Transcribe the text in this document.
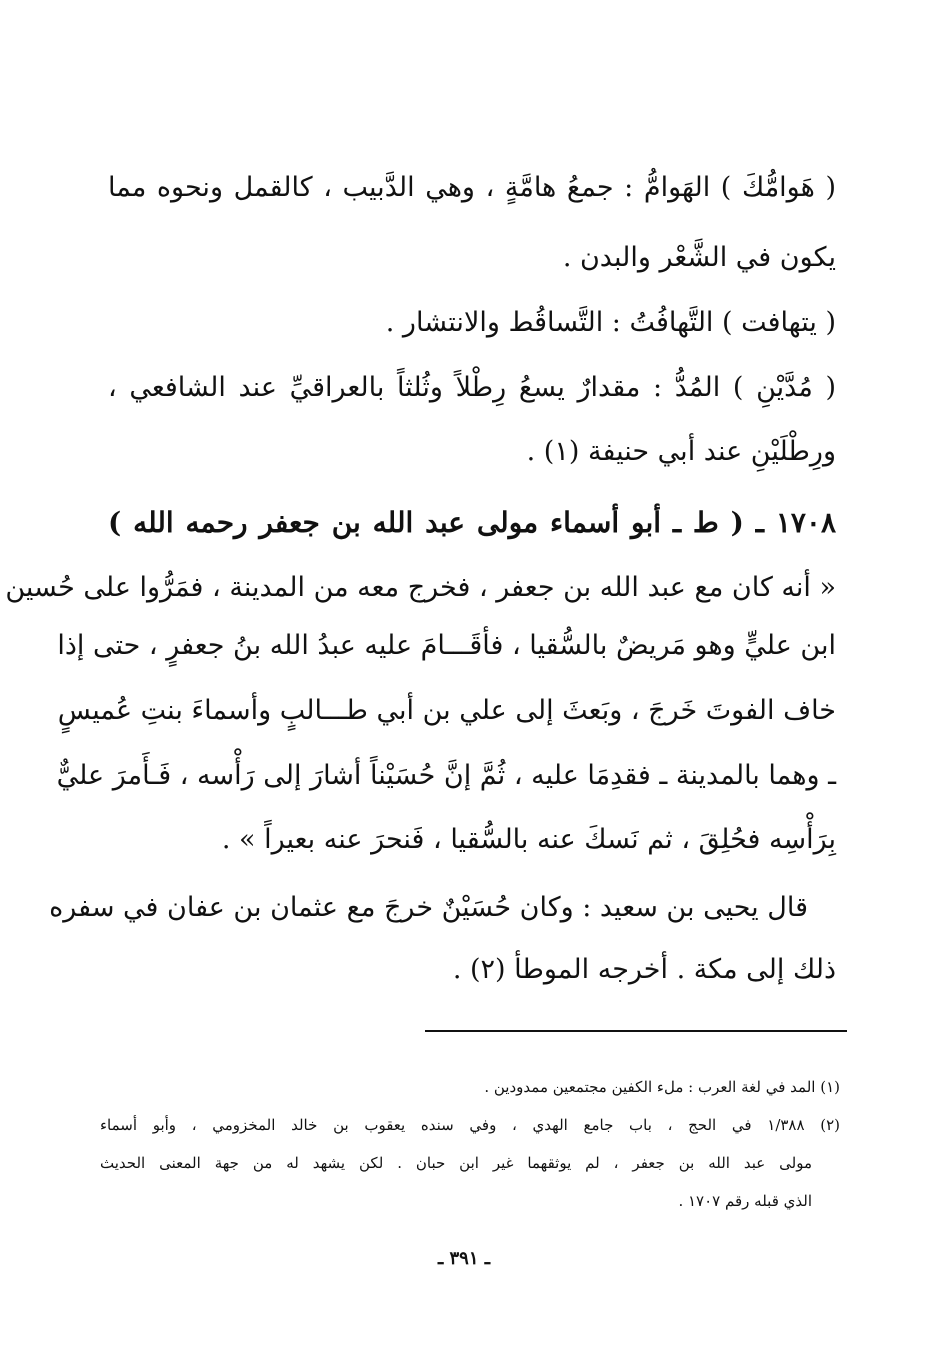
( هَوامُّكَ ) الهَوامُّ : جمعُ هامَّةٍ ، وهي الدَّبيب ، كالقمل ونحوه مما
يكون في الشَّعْر والبدن .
( يتهافت ) التَّهافُتُ : التَّساقُط والانتشار .
( مُدَّيْنِ ) المُدُّ : مقدارٌ يسعُ رِطْلاً وثُلثاً بالعراقيِّ عند الشافعي ،
ورِطْلَيْنِ عند أبي حنيفة (١) .
١٧٠٨ ـ ( ط ـ أبو أسماء مولى عبد الله بن جعفر رحمه الله )
« أنه كان مع عبد الله بن جعفر ، فخرج معه من المدينة ، فمَرُّوا على حُسين
ابن عليٍّ وهو مَريضٌ بالسُّقيا ، فأقَـــامَ عليه عبدُ الله بنُ جعفرٍ ، حتى إذا
خاف الفوتَ خَرجَ ، وبَعثَ إلى علي بن أبي طـــالبٍ وأسماءَ بنتِ عُميسٍ
ـ وهما بالمدينة ـ فقدِمَا عليه ، ثُمَّ إنَّ حُسَيْناً أشارَ إلى رَأْسه ، فَـأَمرَ عليٌّ
بِرَأْسِه فحُلِقَ ، ثم نَسكَ عنه بالسُّقيا ، فَنحرَ عنه بعيراً » .
قال يحيى بن سعيد : وكان حُسَيْنٌ خرجَ مع عثمان بن عفان في سفره
ذلك إلى مكة . أخرجه الموطأ (٢) .
(١) المد في لغة العرب : ملء الكفين مجتمعين ممدودين .
(٢) ١/٣٨٨ في الحج ، باب جامع الهدي ، وفي سنده يعقوب بن خالد المخزومي ، وأبو أسماء
مولى عبد الله بن جعفر ، لم يوثقهما غير ابن حبان . لكن يشهد له من جهة المعنى الحديث
الذي قبله رقم ١٧٠٧ .
ـ ٣٩١ ـ
